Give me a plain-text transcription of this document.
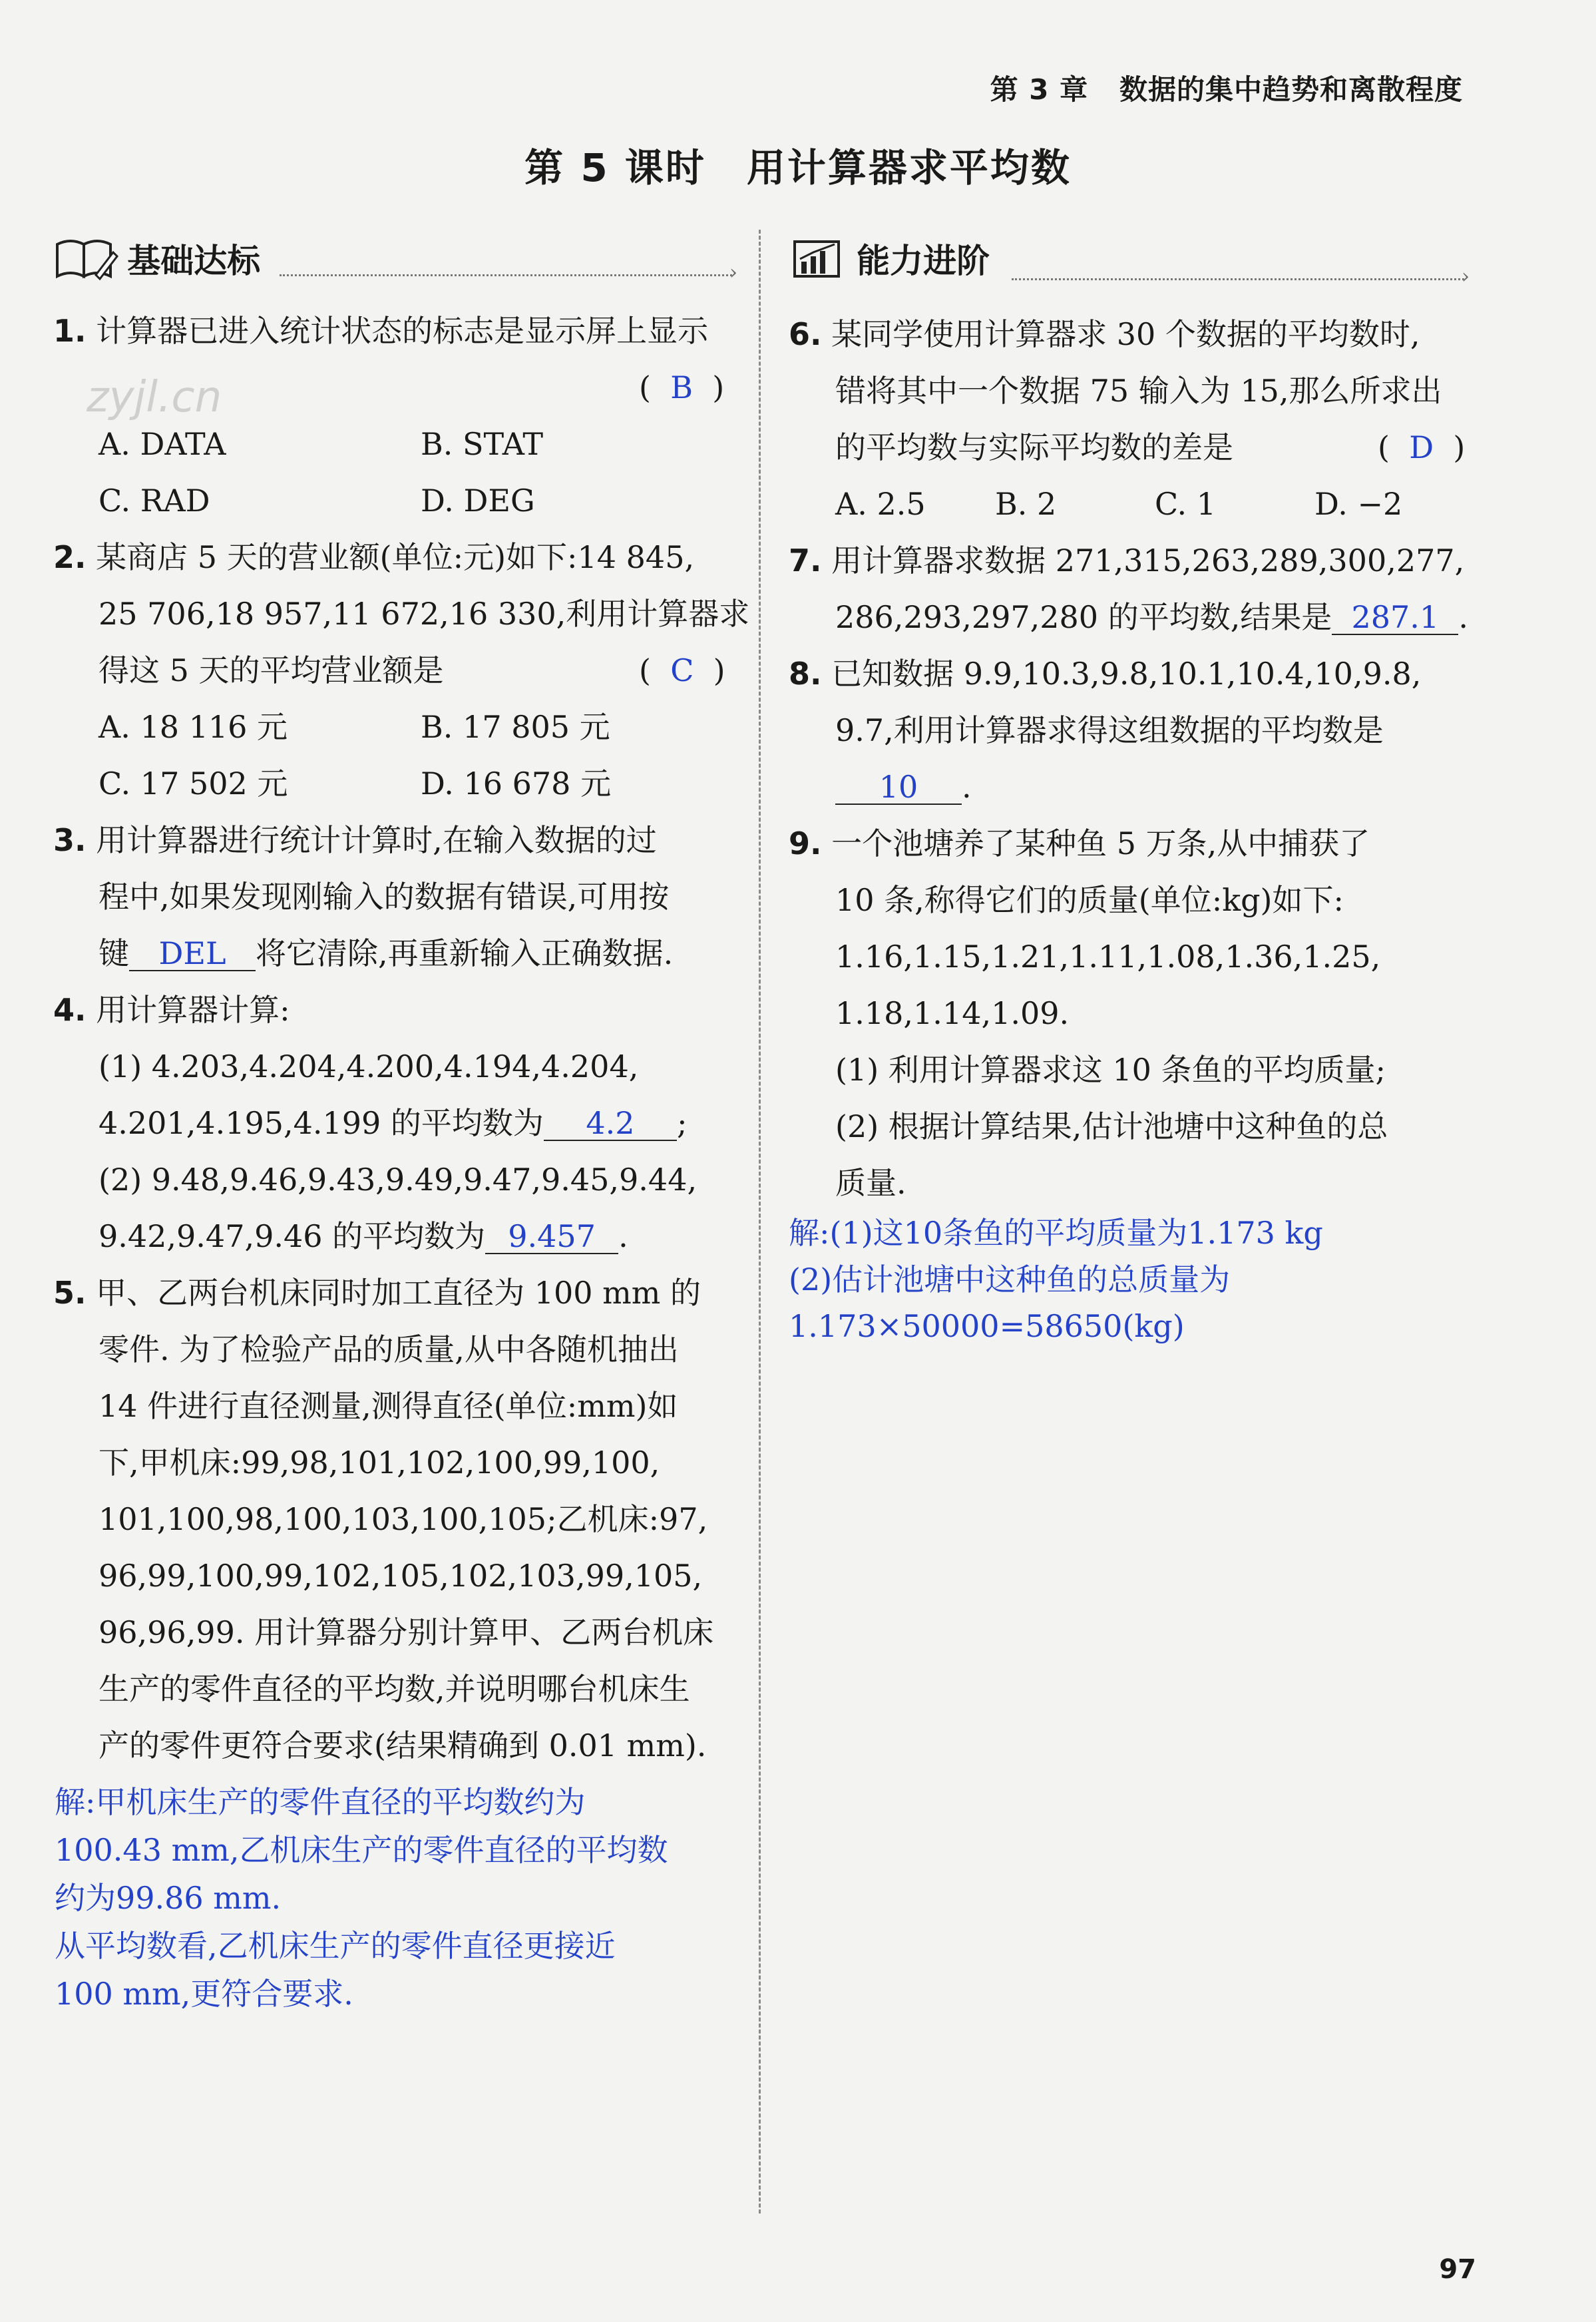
第 3 章 数据的集中趋势和离散程度
第 5 课时　用计算器求平均数
zyjl.cn
基础达标	›	能力进阶	›
1. 计算器已进入统计状态的标志是显示屏上显示
(  B  )
A. DATA	B. STAT
C. RAD	D. DEG
2. 某商店 5 天的营业额(单位:元)如下:14 845,
25 706,18 957,11 672,16 330,利用计算器求
得这 5 天的平均营业额是	(  C  )
A. 18 116 元	B. 17 805 元
C. 17 502 元	D. 16 678 元
3. 用计算器进行统计计算时,在输入数据的过
程中,如果发现刚输入的数据有错误,可用按
键 DEL 将它清除,再重新输入正确数据.
4. 用计算器计算:
(1) 4.203,4.204,4.200,4.194,4.204,
4.201,4.195,4.199 的平均数为 4.2 ;
(2) 9.48,9.46,9.43,9.49,9.47,9.45,9.44,
9.42,9.47,9.46 的平均数为 9.457 .
5. 甲、乙两台机床同时加工直径为 100 mm 的
零件. 为了检验产品的质量,从中各随机抽出
14 件进行直径测量,测得直径(单位:mm)如
下,甲机床:99,98,101,102,100,99,100,
101,100,98,100,103,100,105;乙机床:97,
96,99,100,99,102,105,102,103,99,105,
96,96,99. 用计算器分别计算甲、乙两台机床
生产的零件直径的平均数,并说明哪台机床生
产的零件更符合要求(结果精确到 0.01 mm).
解:甲机床生产的零件直径的平均数约为
100.43 mm,乙机床生产的零件直径的平均数
约为99.86 mm.
从平均数看,乙机床生产的零件直径更接近
100 mm,更符合要求.
6. 某同学使用计算器求 30 个数据的平均数时,
错将其中一个数据 75 输入为 15,那么所求出
的平均数与实际平均数的差是	(  D  )
A. 2.5 B. 2	C. 1	D. −2
7. 用计算器求数据 271,315,263,289,300,277,
286,293,297,280 的平均数,结果是 287.1 .
8. 已知数据 9.9,10.3,9.8,10.1,10.4,10,9.8,
9.7,利用计算器求得这组数据的平均数是
10 .
9. 一个池塘养了某种鱼 5 万条,从中捕获了
10 条,称得它们的质量(单位:kg)如下:
1.16,1.15,1.21,1.11,1.08,1.36,1.25,
1.18,1.14,1.09.
(1) 利用计算器求这 10 条鱼的平均质量;
(2) 根据计算结果,估计池塘中这种鱼的总
质量.
解:(1)这10条鱼的平均质量为1.173 kg
(2)估计池塘中这种鱼的总质量为
1.173×50000=58650(kg)
97
